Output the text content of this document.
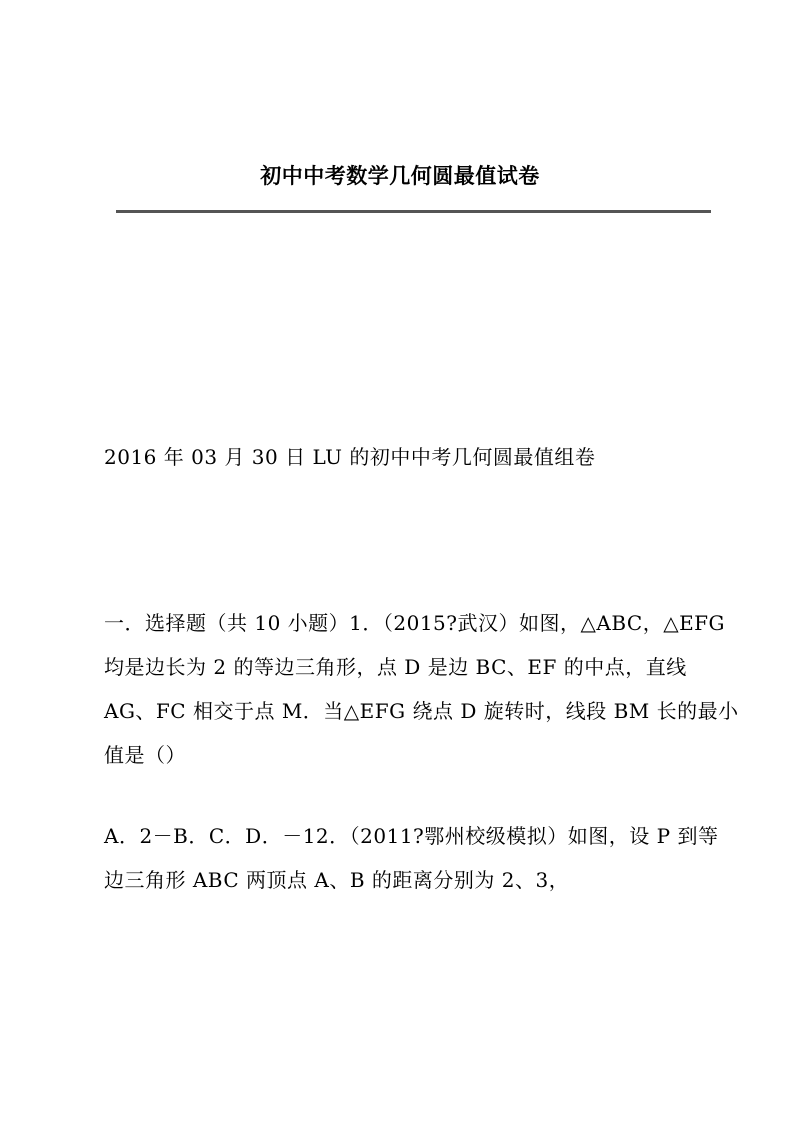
初中中考数学几何圆最值试卷

2016 年 03 月 30 日 LU 的初中中考几何圆最值组卷

一．选择题（共 10 小题）1．（2015?武汉）如图，△ABC，△EFG
均是边长为 2 的等边三角形，点 D 是边 BC、EF 的中点，直线
AG、FC 相交于点 M．当△EFG 绕点 D 旋转时，线段 BM 长的最小
值是（）
A．2－B．C．D．－12．（2011?鄂州校级模拟）如图，设 P 到等
边三角形 ABC 两顶点 A、B 的距离分别为 2、3，
